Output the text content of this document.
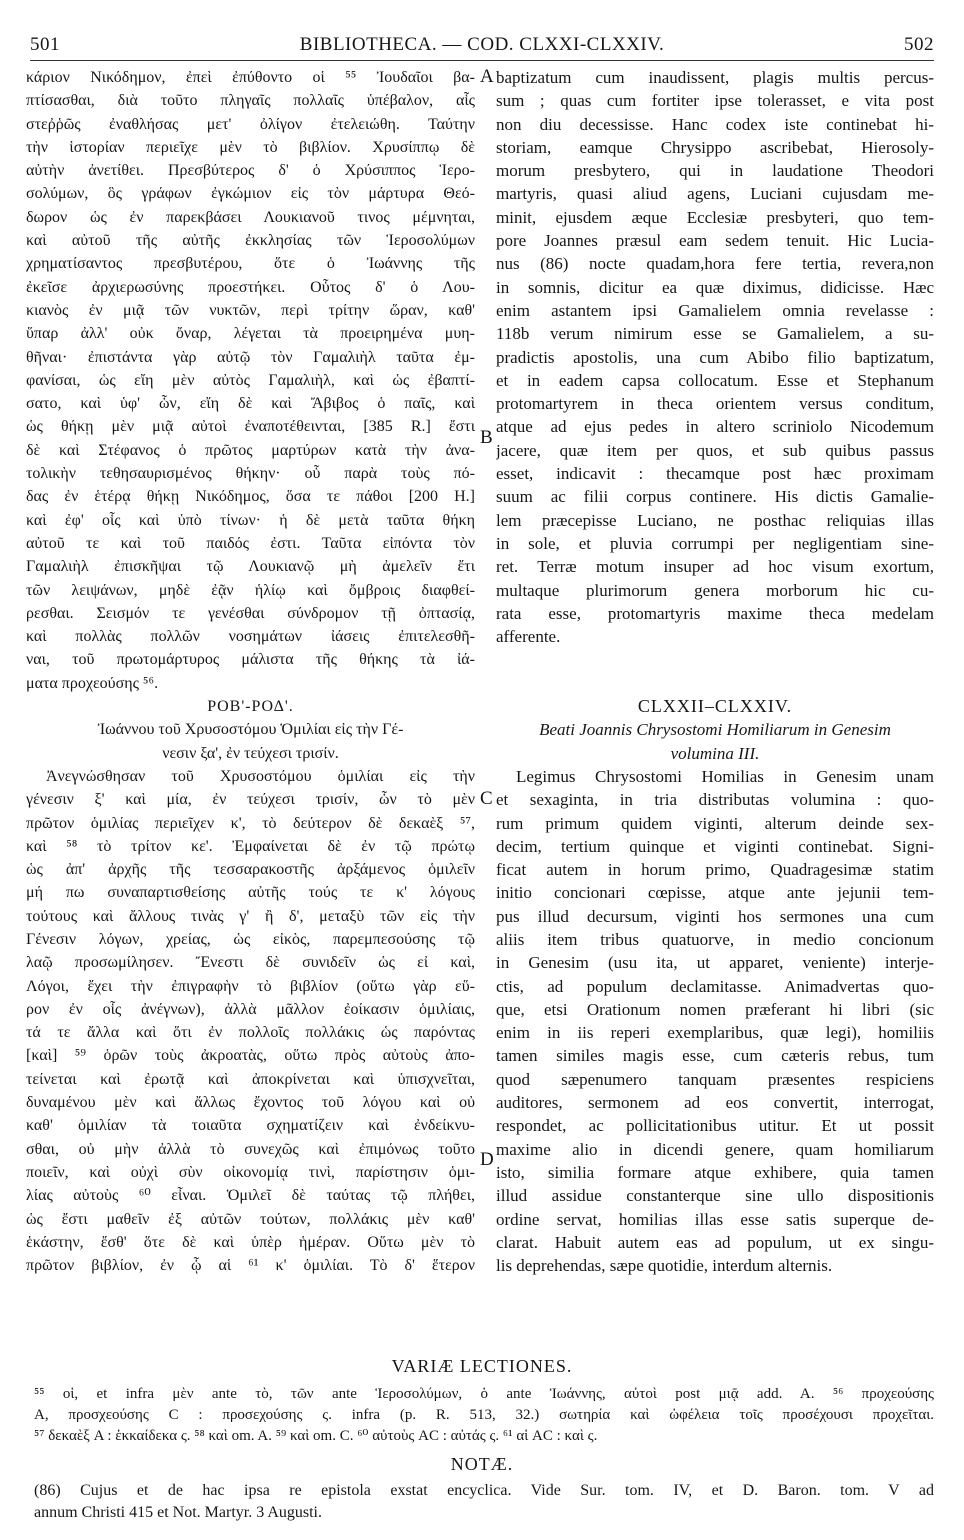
501	BIBLIOTHECA. — COD. CLXXI-CLXXIV.	502
A
B
C
D
κάριον Νικόδημον, ἐπεὶ ἐπύθοντο οἱ ⁵⁵ Ἰουδαῖοι βα-
πτίσασθαι, διὰ τοῦτο πληγαῖς πολλαῖς ὑπέβαλον, αἷς
στεῤῥῶς ἐναθλήσας μετ' ὀλίγον ἐτελειώθη. Ταύτην
τὴν ἱστορίαν περιεῖχε μὲν τὸ βιβλίον. Χρυσίππῳ δὲ
αὐτὴν ἀνετίθει. Πρεσβύτερος δ' ὁ Χρύσιππος Ἱερο-
σολύμων, ὃς γράφων ἐγκώμιον εἰς τὸν μάρτυρα Θεό-
δωρον ὡς ἐν παρεκβάσει Λουκιανοῦ τινος μέμνηται,
καὶ αὐτοῦ τῆς αὐτῆς ἐκκλησίας τῶν Ἱεροσολύμων
χρηματίσαντος πρεσβυτέρου, ὅτε ὁ Ἰωάννης τῆς
ἐκεῖσε ἀρχιερωσύνης προεστήκει. Οὗτος δ' ὁ Λου-
κιανὸς ἐν μιᾷ τῶν νυκτῶν, περὶ τρίτην ὥραν, καθ'
ὕπαρ ἀλλ' οὐκ ὄναρ, λέγεται τὰ προειρημένα μυη-
θῆναι· ἐπιστάντα γὰρ αὐτῷ τὸν Γαμαλιὴλ ταῦτα ἐμ-
φανίσαι, ὡς εἴη μὲν αὐτὸς Γαμαλιὴλ, καὶ ὡς ἐβαπτί-
σατο, καὶ ὑφ' ὧν, εἴη δὲ καὶ Ἄβιβος ὁ παῖς, καὶ
ὡς θήκῃ μὲν μιᾷ αὐτοὶ ἐναποτέθεινται, [385 R.] ἔστι
δὲ καὶ Στέφανος ὁ πρῶτος μαρτύρων κατὰ τὴν ἀνα-
τολικὴν τεθησαυρισμένος θήκην· οὗ παρὰ τοὺς πό-
δας ἐν ἑτέρᾳ θήκῃ Νικόδημος, ὅσα τε πάθοι [200 H.]
καὶ ἐφ' οἷς καὶ ὑπὸ τίνων· ἡ δὲ μετὰ ταῦτα θήκη
αὐτοῦ τε καὶ τοῦ παιδός ἐστι. Ταῦτα εἰπόντα τὸν
Γαμαλιὴλ ἐπισκῆψαι τῷ Λουκιανῷ μὴ ἀμελεῖν ἔτι
τῶν λειψάνων, μηδὲ ἐᾷν ἡλίῳ καὶ ὄμβροις διαφθεί-
ρεσθαι. Σεισμόν τε γενέσθαι σύνδρομον τῇ ὀπτασίᾳ,
καὶ πολλὰς πολλῶν νοσημάτων ἰάσεις ἐπιτελεσθῆ-
ναι, τοῦ πρωτομάρτυρος μάλιστα τῆς θήκης τὰ ἰά-
ματα προχεούσης ⁵⁶.
ΡΟΒ'-ΡΟΔ'.
Ἰωάννου τοῦ Χρυσοστόμου Ὁμιλίαι εἰς τὴν Γέ-
νεσιν ξα', ἐν τεύχεσι τρισίν.
Ἀνεγνώσθησαν τοῦ Χρυσοστόμου ὁμιλίαι εἰς τὴν
γένεσιν ξ' καὶ μία, ἐν τεύχεσι τρισίν, ὧν τὸ μὲν
πρῶτον ὁμιλίας περιεῖχεν κ', τὸ δεύτερον δὲ δεκαὲξ ⁵⁷,
καὶ ⁵⁸ τὸ τρίτον κε'. Ἐμφαίνεται δὲ ἐν τῷ πρώτῳ
ὡς ἀπ' ἀρχῆς τῆς τεσσαρακοστῆς ἀρξάμενος ὁμιλεῖν
μή πω συναπαρτισθείσης αὐτῆς τούς τε κ' λόγους
τούτους καὶ ἄλλους τινὰς γ' ἢ δ', μεταξὺ τῶν εἰς τὴν
Γένεσιν λόγων, χρείας, ὡς εἰκὸς, παρεμπεσούσης τῷ
λαῷ προσωμίλησεν. Ἔνεστι δὲ συνιδεῖν ὡς εἰ καὶ,
Λόγοι, ἔχει τὴν ἐπιγραφὴν τὸ βιβλίον (οὕτω γὰρ εὕ-
ρον ἐν οἷς ἀνέγνων), ἀλλὰ μᾶλλον ἐοίκασιν ὁμιλίαις,
τά τε ἄλλα καὶ ὅτι ἐν πολλοῖς πολλάκις ὡς παρόντας
[καὶ] ⁵⁹ ὁρῶν τοὺς ἀκροατὰς, οὕτω πρὸς αὐτοὺς ἀπο-
τείνεται καὶ ἐρωτᾷ καὶ ἀποκρίνεται καὶ ὑπισχνεῖται,
δυναμένου μὲν καὶ ἄλλως ἔχοντος τοῦ λόγου καὶ οὐ
καθ' ὁμιλίαν τὰ τοιαῦτα σχηματίζειν καὶ ἐνδείκνυ-
σθαι, οὐ μὴν ἀλλὰ τὸ συνεχῶς καὶ ἐπιμόνως τοῦτο
ποιεῖν, καὶ οὐχὶ σὺν οἰκονομίᾳ τινὶ, παρίστησιν ὁμι-
λίας αὐτοὺς ⁶⁰ εἶναι. Ὁμιλεῖ δὲ ταύτας τῷ πλήθει,
ὡς ἔστι μαθεῖν ἐξ αὐτῶν τούτων, πολλάκις μὲν καθ'
ἑκάστην, ἔσθ' ὅτε δὲ καὶ ὑπὲρ ἡμέραν. Οὕτω μὲν τὸ
πρῶτον βιβλίον, ἐν ᾧ αἱ ⁶¹ κ' ὁμιλίαι. Τὸ δ' ἕτερον
baptizatum cum inaudissent, plagis multis percus-
sum ; quas cum fortiter ipse tolerasset, e vita post
non diu decessisse. Hanc codex iste continebat hi-
storiam, eamque Chrysippo ascribebat, Hierosoly-
morum presbytero, qui in laudatione Theodori
martyris, quasi aliud agens, Luciani cujusdam me-
minit, ejusdem æque Ecclesiæ presbyteri, quo tem-
pore Joannes præsul eam sedem tenuit. Hic Lucia-
nus (86) nocte quadam,hora fere tertia, revera,non
in somnis, dicitur ea quæ diximus, didicisse. Hæc
enim astantem ipsi Gamalielem omnia revelasse :
118b verum nimirum esse se Gamalielem, a su-
pradictis apostolis, una cum Abibo filio baptizatum,
et in eadem capsa collocatum. Esse et Stephanum
protomartyrem in theca orientem versus conditum,
atque ad ejus pedes in altero scriniolo Nicodemum
jacere, quæ item per quos, et sub quibus passus
esset, indicavit : thecamque post hæc proximam
suum ac filii corpus continere. His dictis Gamalie-
lem præcepisse Luciano, ne posthac reliquias illas
in sole, et pluvia corrumpi per negligentiam sine-
ret. Terræ motum insuper ad hoc visum exortum,
multaque plurimorum genera morborum hic cu-
rata esse, protomartyris maxime theca medelam
afferente.
CLXXII–CLXXIV.
Beati Joannis Chrysostomi Homiliarum in Genesim
volumina III.
Legimus Chrysostomi Homilias in Genesim unam
et sexaginta, in tria distributas volumina : quo-
rum primum quidem viginti, alterum deinde sex-
decim, tertium quinque et viginti continebat. Signi-
ficat autem in horum primo, Quadragesimæ statim
initio concionari cœpisse, atque ante jejunii tem-
pus illud decursum, viginti hos sermones una cum
aliis item tribus quatuorve, in medio concionum
in Genesim (usu ita, ut apparet, veniente) interje-
ctis, ad populum declamitasse. Animadvertas quo-
que, etsi Orationum nomen præferant hi libri (sic
enim in iis reperi exemplaribus, quæ legi), homiliis
tamen similes magis esse, cum cæteris rebus, tum
quod sæpenumero tanquam præsentes respiciens
auditores, sermonem ad eos convertit, interrogat,
respondet, ac pollicitationibus utitur. Et ut possit
maxime alio in dicendi genere, quam homiliarum
isto, similia formare atque exhibere, quia tamen
illud assidue constanterque sine ullo dispositionis
ordine servat, homilias illas esse satis superque de-
clarat. Habuit autem eas ad populum, ut ex singu-
lis deprehendas, sæpe quotidie, interdum alternis.
VARIÆ LECTIONES.
⁵⁵ οἱ, et infra μὲν ante τὸ, τῶν ante Ἱεροσολύμων, ὁ ante Ἰωάννης, αὐτοὶ post μιᾷ add. A. ⁵⁶ προχεούσης
A, προσχεούσης C : προσεχούσης ς. infra (p. R. 513, 32.) σωτηρία καὶ ὠφέλεια τοῖς προσέχουσι προχεῖται.
⁵⁷ δεκαὲξ A : ἑκκαίδεκα ς. ⁵⁸ καὶ om. A. ⁵⁹ καὶ om. C. ⁶⁰ αὐτοὺς AC : αὐτάς ς. ⁶¹ αἱ AC : καὶ ς.
NOTÆ.
(86) Cujus et de hac ipsa re epistola exstat encyclica. Vide Sur. tom. IV, et D. Baron. tom. V ad
annum Christi 415 et Not. Martyr. 3 Augusti.
